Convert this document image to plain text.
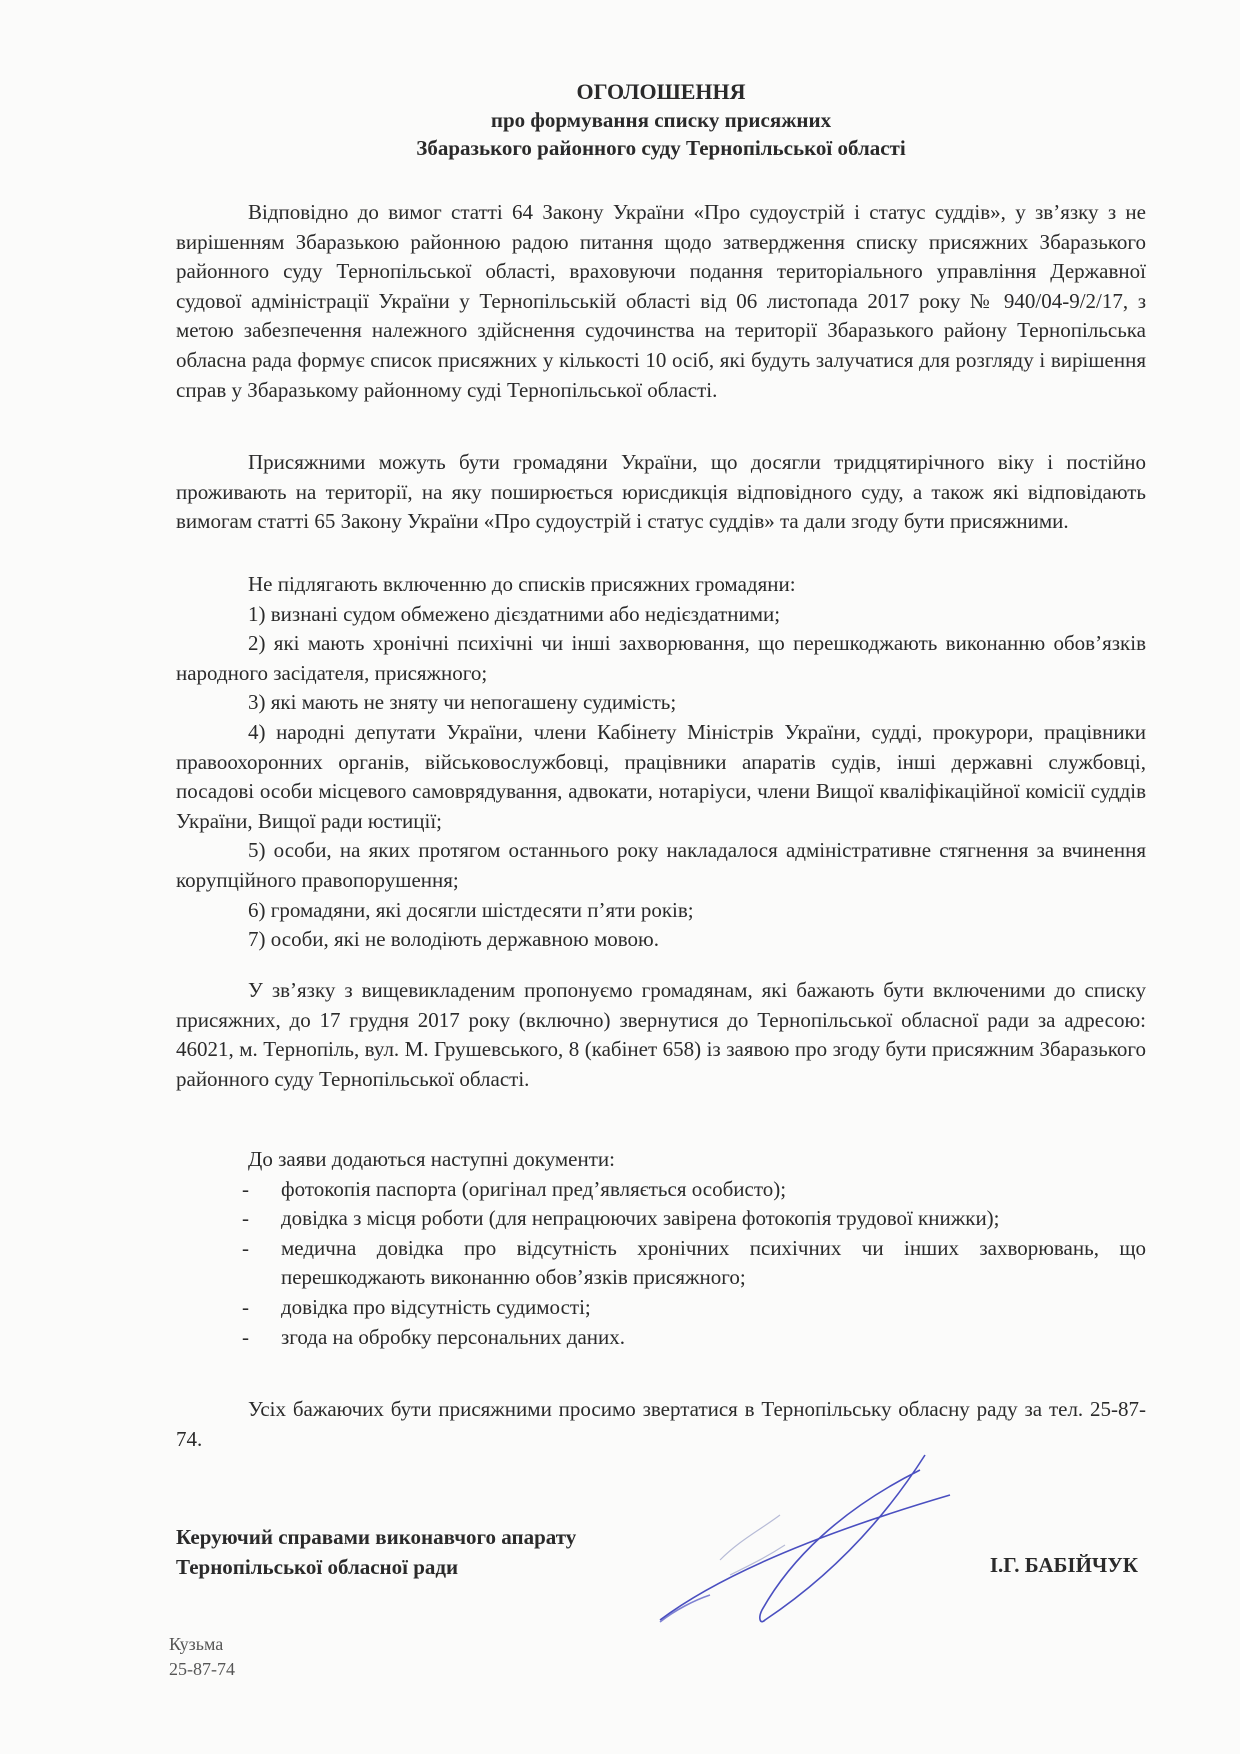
ОГОЛОШЕННЯ

про формування списку присяжних

Збаразького районного суду Тернопільської області

Відповідно до вимог статті 64 Закону України «Про судоустрій і статус суддів», у зв’язку з не вирішенням Збаразькою районною радою питання щодо затвердження списку присяжних Збаразького районного суду Тернопільської області, враховуючи подання територіального управління Державної судової адміністрації України у Тернопільській області від 06 листопада 2017 року № 940/04-9/2/17, з метою забезпечення належного здійснення судочинства на території Збаразького району Тернопільська обласна рада формує список присяжних у кількості 10 осіб, які будуть залучатися для розгляду і вирішення справ у Збаразькому районному суді Тернопільської області.

Присяжними можуть бути громадяни України, що досягли тридцятирічного віку і постійно проживають на території, на яку поширюється юрисдикція відповідного суду, а також які відповідають вимогам статті 65 Закону України «Про судоустрій і статус суддів» та дали згоду бути присяжними.

Не підлягають включенню до списків присяжних громадяни:

1) визнані судом обмежено дієздатними або недієздатними;

2) які мають хронічні психічні чи інші захворювання, що перешкоджають виконанню обов’язків народного засідателя, присяжного;

3) які мають не зняту чи непогашену судимість;

4) народні депутати України, члени Кабінету Міністрів України, судді, прокурори, працівники правоохоронних органів, військовослужбовці, працівники апаратів судів, інші державні службовці, посадові особи місцевого самоврядування, адвокати, нотаріуси, члени Вищої кваліфікаційної комісії суддів України, Вищої ради юстиції;

5) особи, на яких протягом останнього року накладалося адміністративне стягнення за вчинення корупційного правопорушення;

6) громадяни, які досягли шістдесяти п’яти років;

7) особи, які не володіють державною мовою.

У зв’язку з вищевикладеним пропонуємо громадянам, які бажають бути включеними до списку присяжних, до 17 грудня 2017 року (включно) звернутися до Тернопільської обласної ради за адресою: 46021, м. Тернопіль, вул. М. Грушевського, 8 (кабінет 658) із заявою про згоду бути присяжним Збаразького районного суду Тернопільської області.

До заяви додаються наступні документи:

- фотокопія паспорта (оригінал пред’являється особисто);

- довідка з місця роботи (для непрацюючих завірена фотокопія трудової книжки);

- медична довідка про відсутність хронічних психічних чи інших захворювань, що перешкоджають виконанню обов’язків присяжного;

- довідка про відсутність судимості;

- згода на обробку персональних даних.

Усіх бажаючих бути присяжними просимо звертатися в Тернопільську обласну раду за тел. 25-87-74.

Керуючий справами виконавчого апарату

Тернопільської обласної ради	І.Г. БАБІЙЧУК

Кузьма

25-87-74
